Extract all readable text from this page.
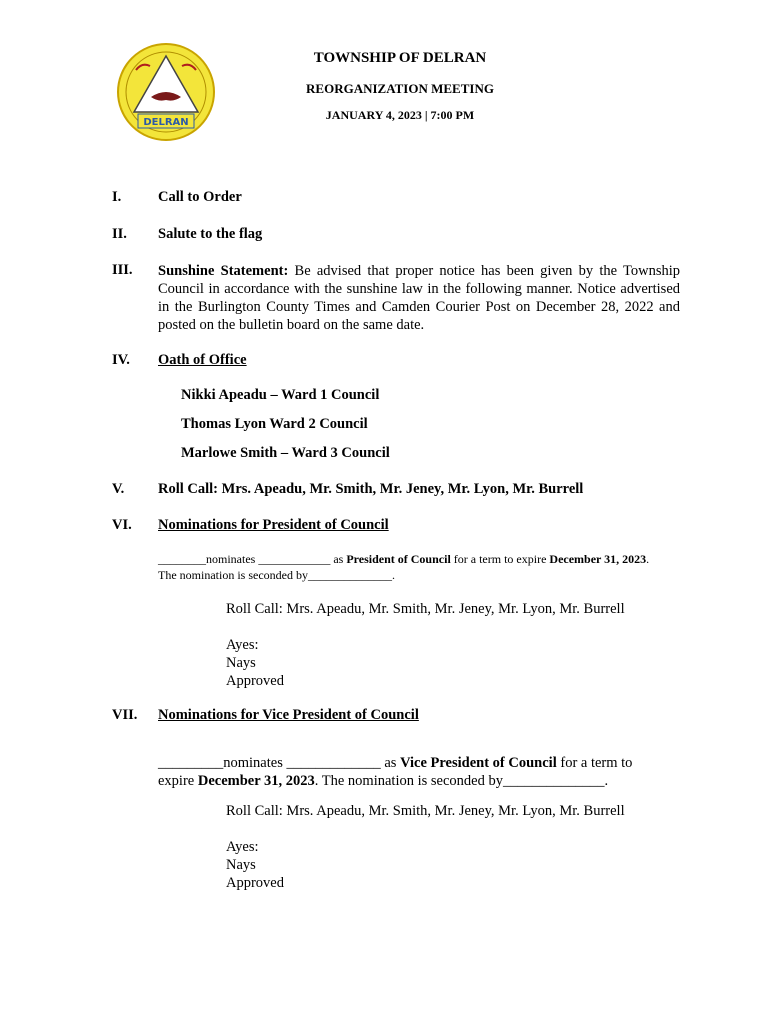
DELRAN
TOWNSHIP OF DELRAN
REORGANIZATION MEETING
JANUARY 4, 2023 | 7:00 PM
I.	Call to Order
II. Salute to the flag
III. Sunshine Statement: Be advised that proper notice has been given by the Township Council in accordance with the sunshine law in the following manner. Notice advertised in the Burlington County Times and Camden Courier Post on December 28, 2022 and posted on the bulletin board on the same date.
IV. Oath of Office
Nikki Apeadu – Ward 1 Council
Thomas Lyon Ward 2 Council
Marlowe Smith – Ward 3 Council
V. Roll Call: Mrs. Apeadu, Mr. Smith, Mr. Jeney, Mr. Lyon, Mr. Burrell
VI. Nominations for President of Council
________nominates ____________ as President of Council for a term to expire December 31, 2023.
The nomination is seconded by______________.
Roll Call: Mrs. Apeadu, Mr. Smith, Mr. Jeney, Mr. Lyon, Mr. Burrell
Ayes:
Nays
Approved
VII. Nominations for Vice President of Council
_________nominates _____________ as Vice President of Council for a term to
expire December 31, 2023. The nomination is seconded by______________.
Roll Call: Mrs. Apeadu, Mr. Smith, Mr. Jeney, Mr. Lyon, Mr. Burrell
Ayes:
Nays
Approved
